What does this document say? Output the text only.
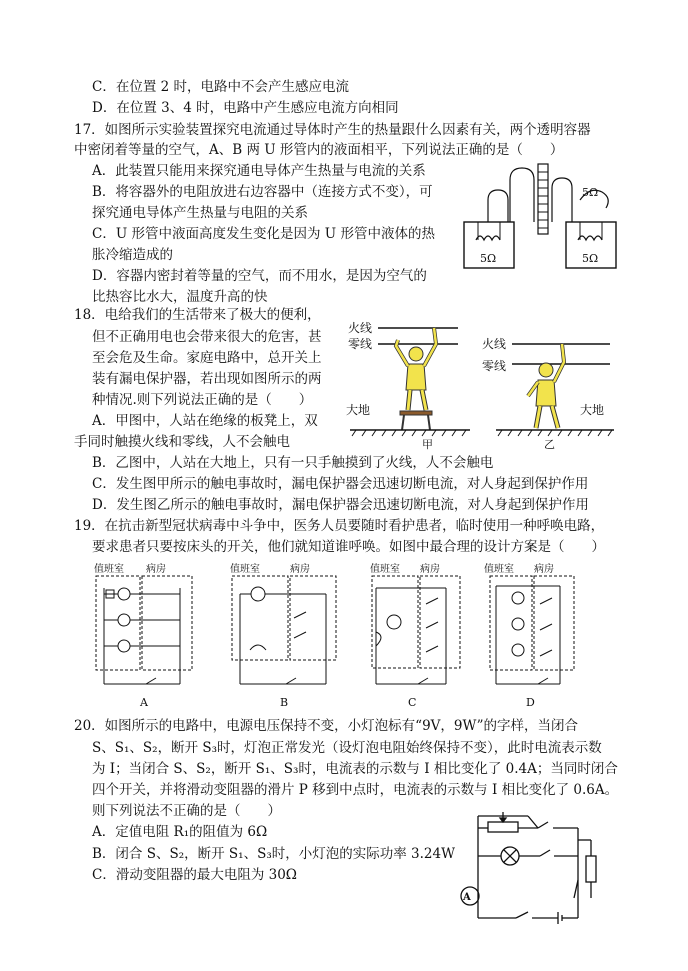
C．在位置 2 时，电路中不会产生感应电流
D．在位置 3、4 时，电路中产生感应电流方向相同
17．如图所示实验装置探究电流通过导体时产生的热量跟什么因素有关，两个透明容器
中密闭着等量的空气，A、B 两 U 形管内的液面相平，下列说法正确的是（　　）
A．此装置只能用来探究通电导体产生热量与电流的关系
B．将容器外的电阻放进右边容器中（连接方式不变），可
探究通电导体产生热量与电阻的关系
C．U 形管中液面高度发生变化是因为 U 形管中液体的热
胀冷缩造成的
D．容器内密封着等量的空气，而不用水，是因为空气的
比热容比水大，温度升高的快
5Ω	5Ω
5Ω
18．电给我们的生活带来了极大的便利，
但不正确用电也会带来很大的危害，甚
至会危及生命。家庭电路中，总开关上
装有漏电保护器，若出现如图所示的两
种情况.则下列说法正确的是（　　）
A．甲图中，人站在绝缘的板凳上，双
手同时触摸火线和零线，人不会触电
B．乙图中，人站在大地上，只有一只手触摸到了火线，人不会触电
C．发生图甲所示的触电事故时，漏电保护器会迅速切断电流，对人身起到保护作用
D．发生图乙所示的触电事故时，漏电保护器会迅速切断电流，对人身起到保护作用
火线
零线
大地
甲
火线
零线
大地
乙
19．在抗击新型冠状病毒中斗争中，医务人员要随时看护患者，临时使用一种呼唤电路，
要求患者只要按床头的开关，他们就知道谁呼唤。如图中最合理的设计方案是（　　）
值班室 病房
A
值班室	病房
B
值班室 病房
C
值班室 病房
D
20．如图所示的电路中，电源电压保持不变，小灯泡标有“9V，9W”的字样，当闭合
S、S₁、S₂，断开 S₃时，灯泡正常发光（设灯泡电阻始终保持不变），此时电流表示数
为 I；当闭合 S、S₂，断开 S₁、S₃时，电流表的示数与 I 相比变化了 0.4A；当同时闭合
四个开关，并将滑动变阻器的滑片 P 移到中点时，电流表的示数与 I 相比变化了 0.6A。
则下列说法不正确的是（　　）
A．定值电阻 R₁的阻值为 6Ω
B．闭合 S、S₂，断开 S₁、S₃时，小灯泡的实际功率 3.24W
C．滑动变阻器的最大电阻为 30Ω
A
